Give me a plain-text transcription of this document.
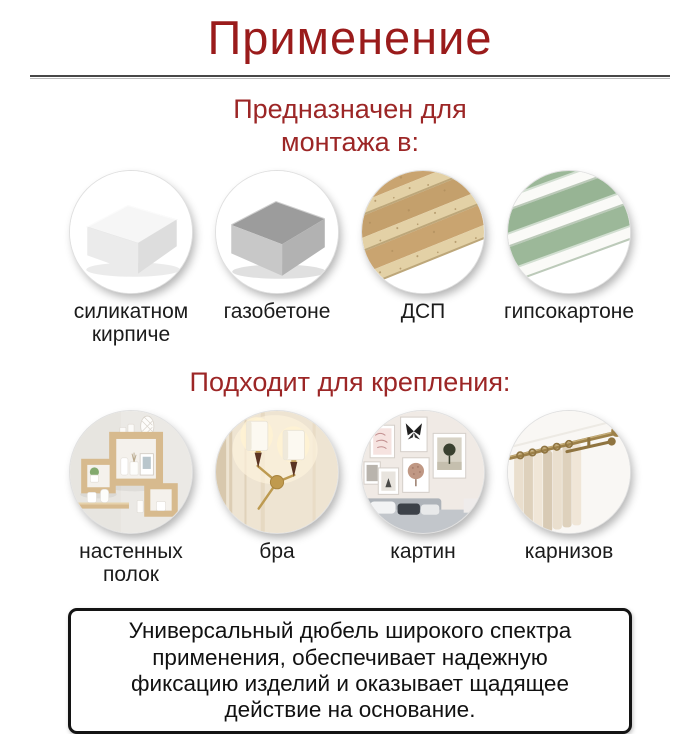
Применение
Предназначен для
монтажа в:
силикатном
кирпиче
газобетоне	ДСП	гипсокартоне
Подходит для крепления:
настенных
полок
бра	картин	карнизов
Универсальный дюбель широкого спектра
применения, обеспечивает надежную
фиксацию изделий и оказывает щадящее
действие на основание.
